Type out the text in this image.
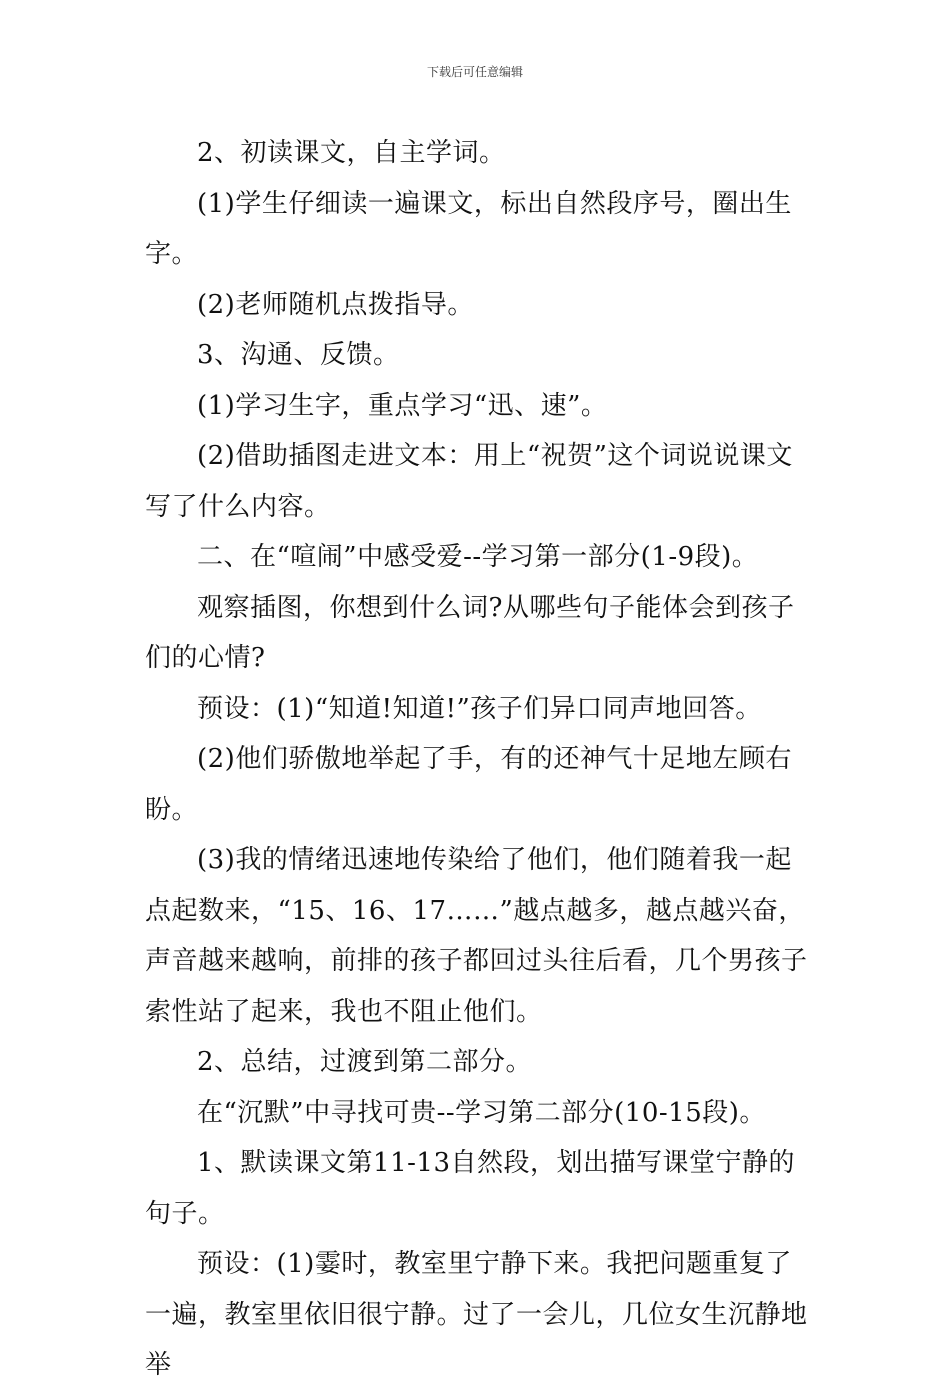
下载后可任意编辑

2、初读课文，自主学词。

(1)学生仔细读一遍课文，标出自然段序号，圈出生字。

(2)老师随机点拨指导。

3、沟通、反馈。

(1)学习生字，重点学习“迅、速”。

(2)借助插图走进文本：用上“祝贺”这个词说说课文写了什么内容。

二、在“喧闹”中感受爱--学习第一部分(1-9段)。

观察插图，你想到什么词?从哪些句子能体会到孩子们的心情?

预设：(1)“知道!知道!”孩子们异口同声地回答。

(2)他们骄傲地举起了手，有的还神气十足地左顾右盼。

(3)我的情绪迅速地传染给了他们，他们随着我一起点起数来，“15、16、17……”越点越多，越点越兴奋，声音越来越响，前排的孩子都回过头往后看，几个男孩子索性站了起来，我也不阻止他们。

2、总结，过渡到第二部分。

在“沉默”中寻找可贵--学习第二部分(10-15段)。

1、默读课文第11-13自然段，划出描写课堂宁静的句子。

预设：(1)霎时，教室里宁静下来。我把问题重复了一遍，教室里依旧很宁静。过了一会儿，几位女生沉静地举
